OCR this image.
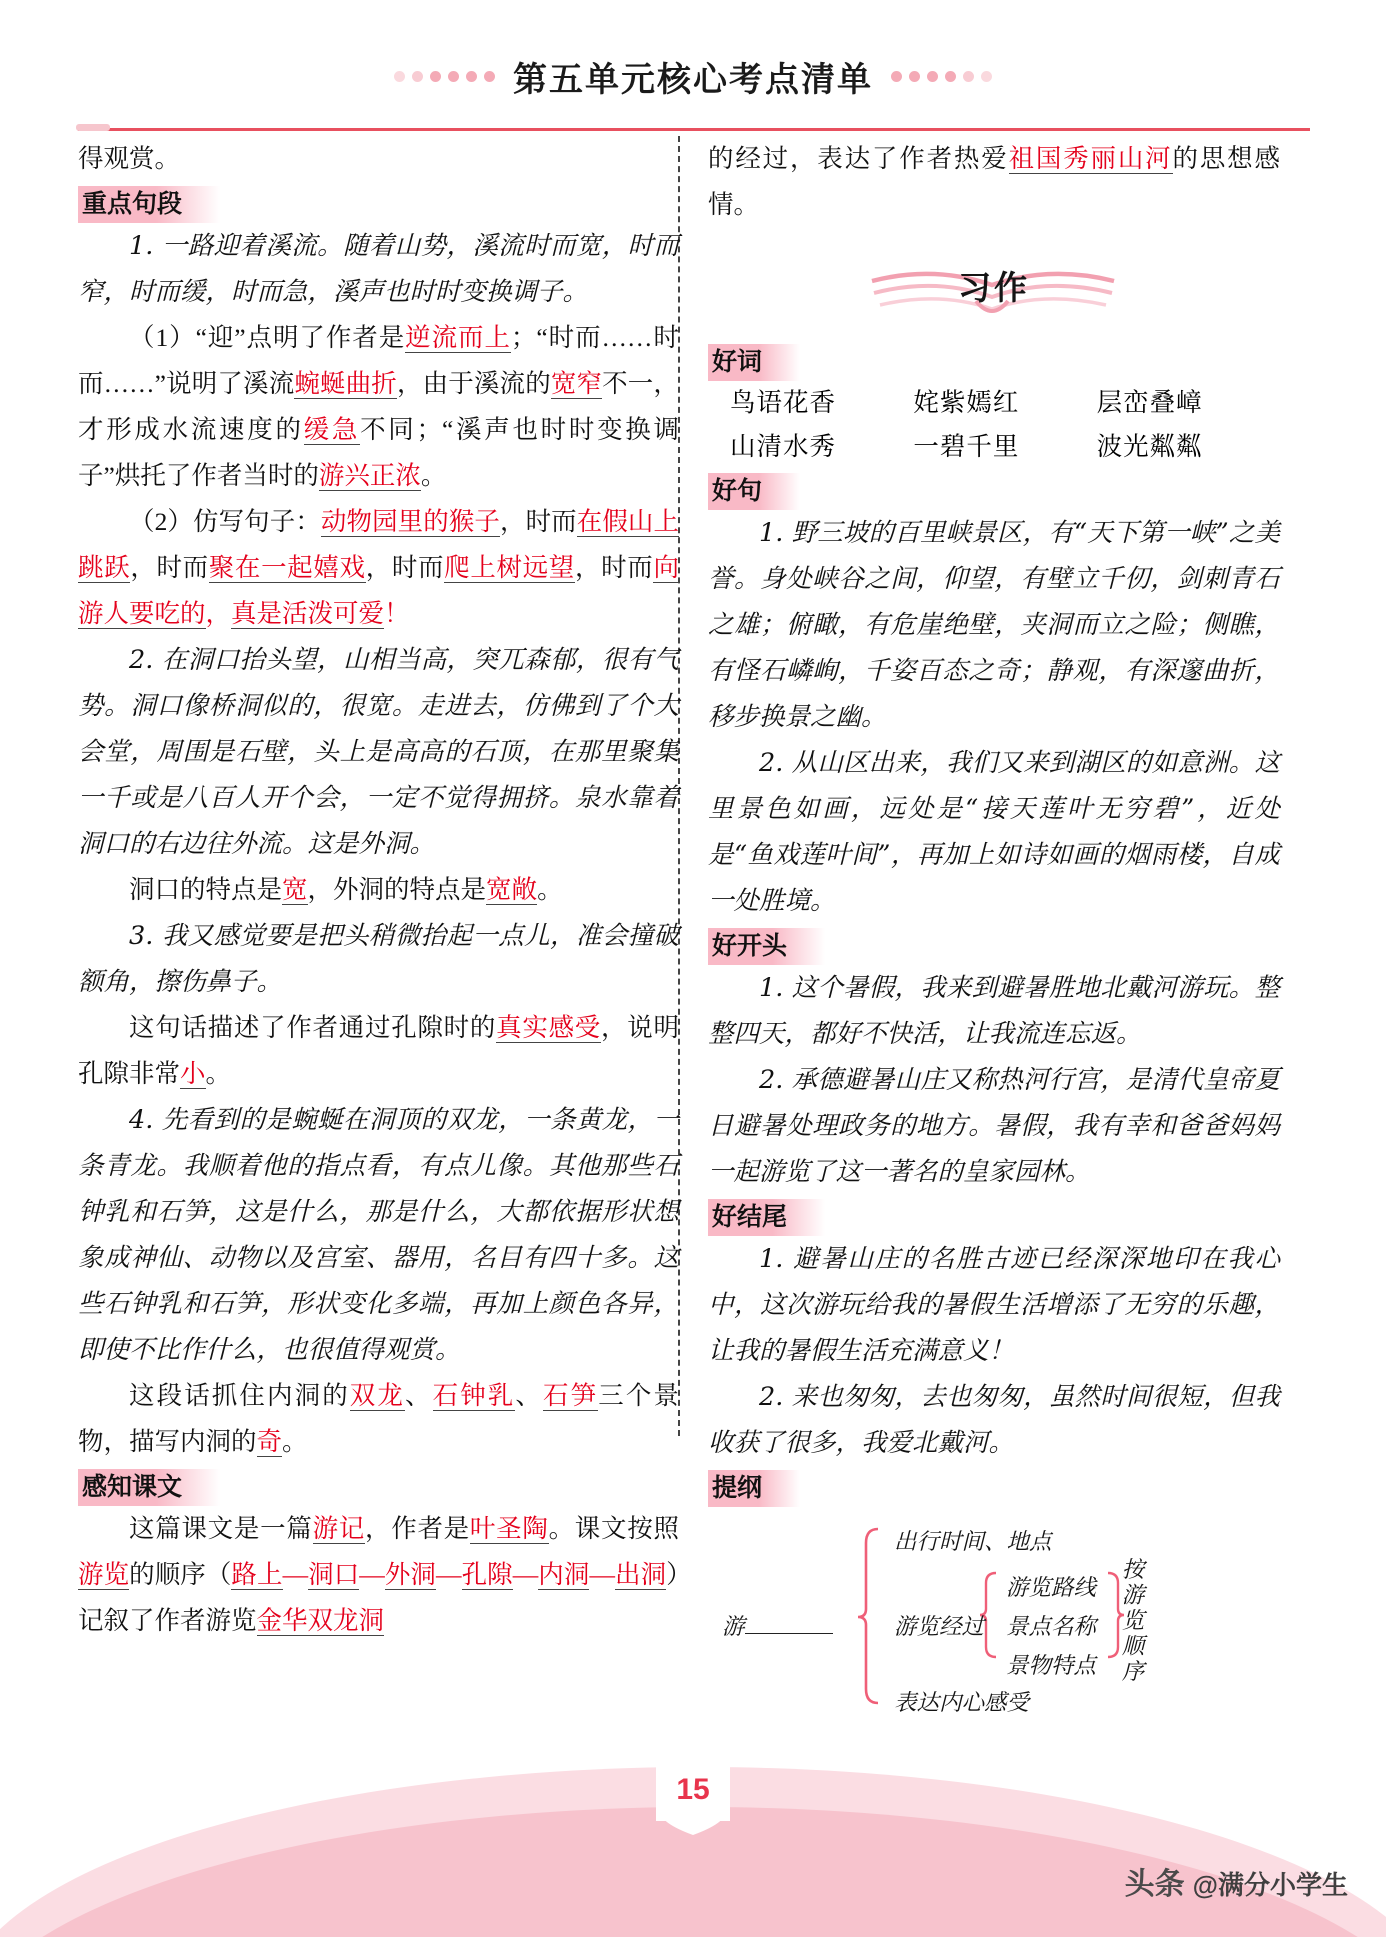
第五单元核心考点清单

得观赏。

重点句段

1. 一路迎着溪流。随着山势，溪流时而宽，时而窄，时而缓，时而急，溪声也时时变换调子。

（1）“迎”点明了作者是逆流而上；“时而……时而……”说明了溪流蜿蜒曲折，由于溪流的宽窄不一，才形成水流速度的缓急不同；“溪声也时时变换调子”烘托了作者当时的游兴正浓。

（2）仿写句子：动物园里的猴子，时而在假山上跳跃，时而聚在一起嬉戏，时而爬上树远望，时而向游人要吃的，真是活泼可爱！

2. 在洞口抬头望，山相当高，突兀森郁，很有气势。洞口像桥洞似的，很宽。走进去，仿佛到了个大会堂，周围是石壁，头上是高高的石顶，在那里聚集一千或是八百人开个会，一定不觉得拥挤。泉水靠着洞口的右边往外流。这是外洞。

洞口的特点是宽，外洞的特点是宽敞。

3. 我又感觉要是把头稍微抬起一点儿，准会撞破额角，擦伤鼻子。

这句话描述了作者通过孔隙时的真实感受，说明孔隙非常小。

4. 先看到的是蜿蜒在洞顶的双龙，一条黄龙，一条青龙。我顺着他的指点看，有点儿像。其他那些石钟乳和石笋，这是什么，那是什么，大都依据形状想象成神仙、动物以及宫室、器用，名目有四十多。这些石钟乳和石笋，形状变化多端，再加上颜色各异，即使不比作什么，也很值得观赏。

这段话抓住内洞的双龙、石钟乳、石笋三个景物，描写内洞的奇。

感知课文

这篇课文是一篇游记，作者是叶圣陶。课文按照游览的顺序（路上—洞口—外洞—孔隙—内洞—出洞）记叙了作者游览金华双龙洞

的经过，表达了作者热爱祖国秀丽山河的思想感情。

习作
好词
鸟语花香	姹紫嫣红	层峦叠嶂
山清水秀	一碧千里	波光粼粼
好句

1. 野三坡的百里峡景区，有“天下第一峡”之美誉。身处峡谷之间，仰望，有壁立千仞，剑刺青石之雄；俯瞰，有危崖绝壁，夹洞而立之险；侧瞧，有怪石嶙峋，千姿百态之奇；静观，有深邃曲折，移步换景之幽。

2. 从山区出来，我们又来到湖区的如意洲。这里景色如画，远处是“接天莲叶无穷碧”，近处是“鱼戏莲叶间”，再加上如诗如画的烟雨楼，自成一处胜境。

好开头

1. 这个暑假，我来到避暑胜地北戴河游玩。整整四天，都好不快活，让我流连忘返。

2. 承德避暑山庄又称热河行宫，是清代皇帝夏日避暑处理政务的地方。暑假，我有幸和爸爸妈妈一起游览了这一著名的皇家园林。

好结尾

1. 避暑山庄的名胜古迹已经深深地印在我心中，这次游玩给我的暑假生活增添了无穷的乐趣，让我的暑假生活充满意义！

2. 来也匆匆，去也匆匆，虽然时间很短，但我收获了很多，我爱北戴河。

提纲
游
出行时间、地点
游览经过
表达内心感受
游览路线
景点名称
景物特点 按游览顺序
15
头条 @满分小学生
